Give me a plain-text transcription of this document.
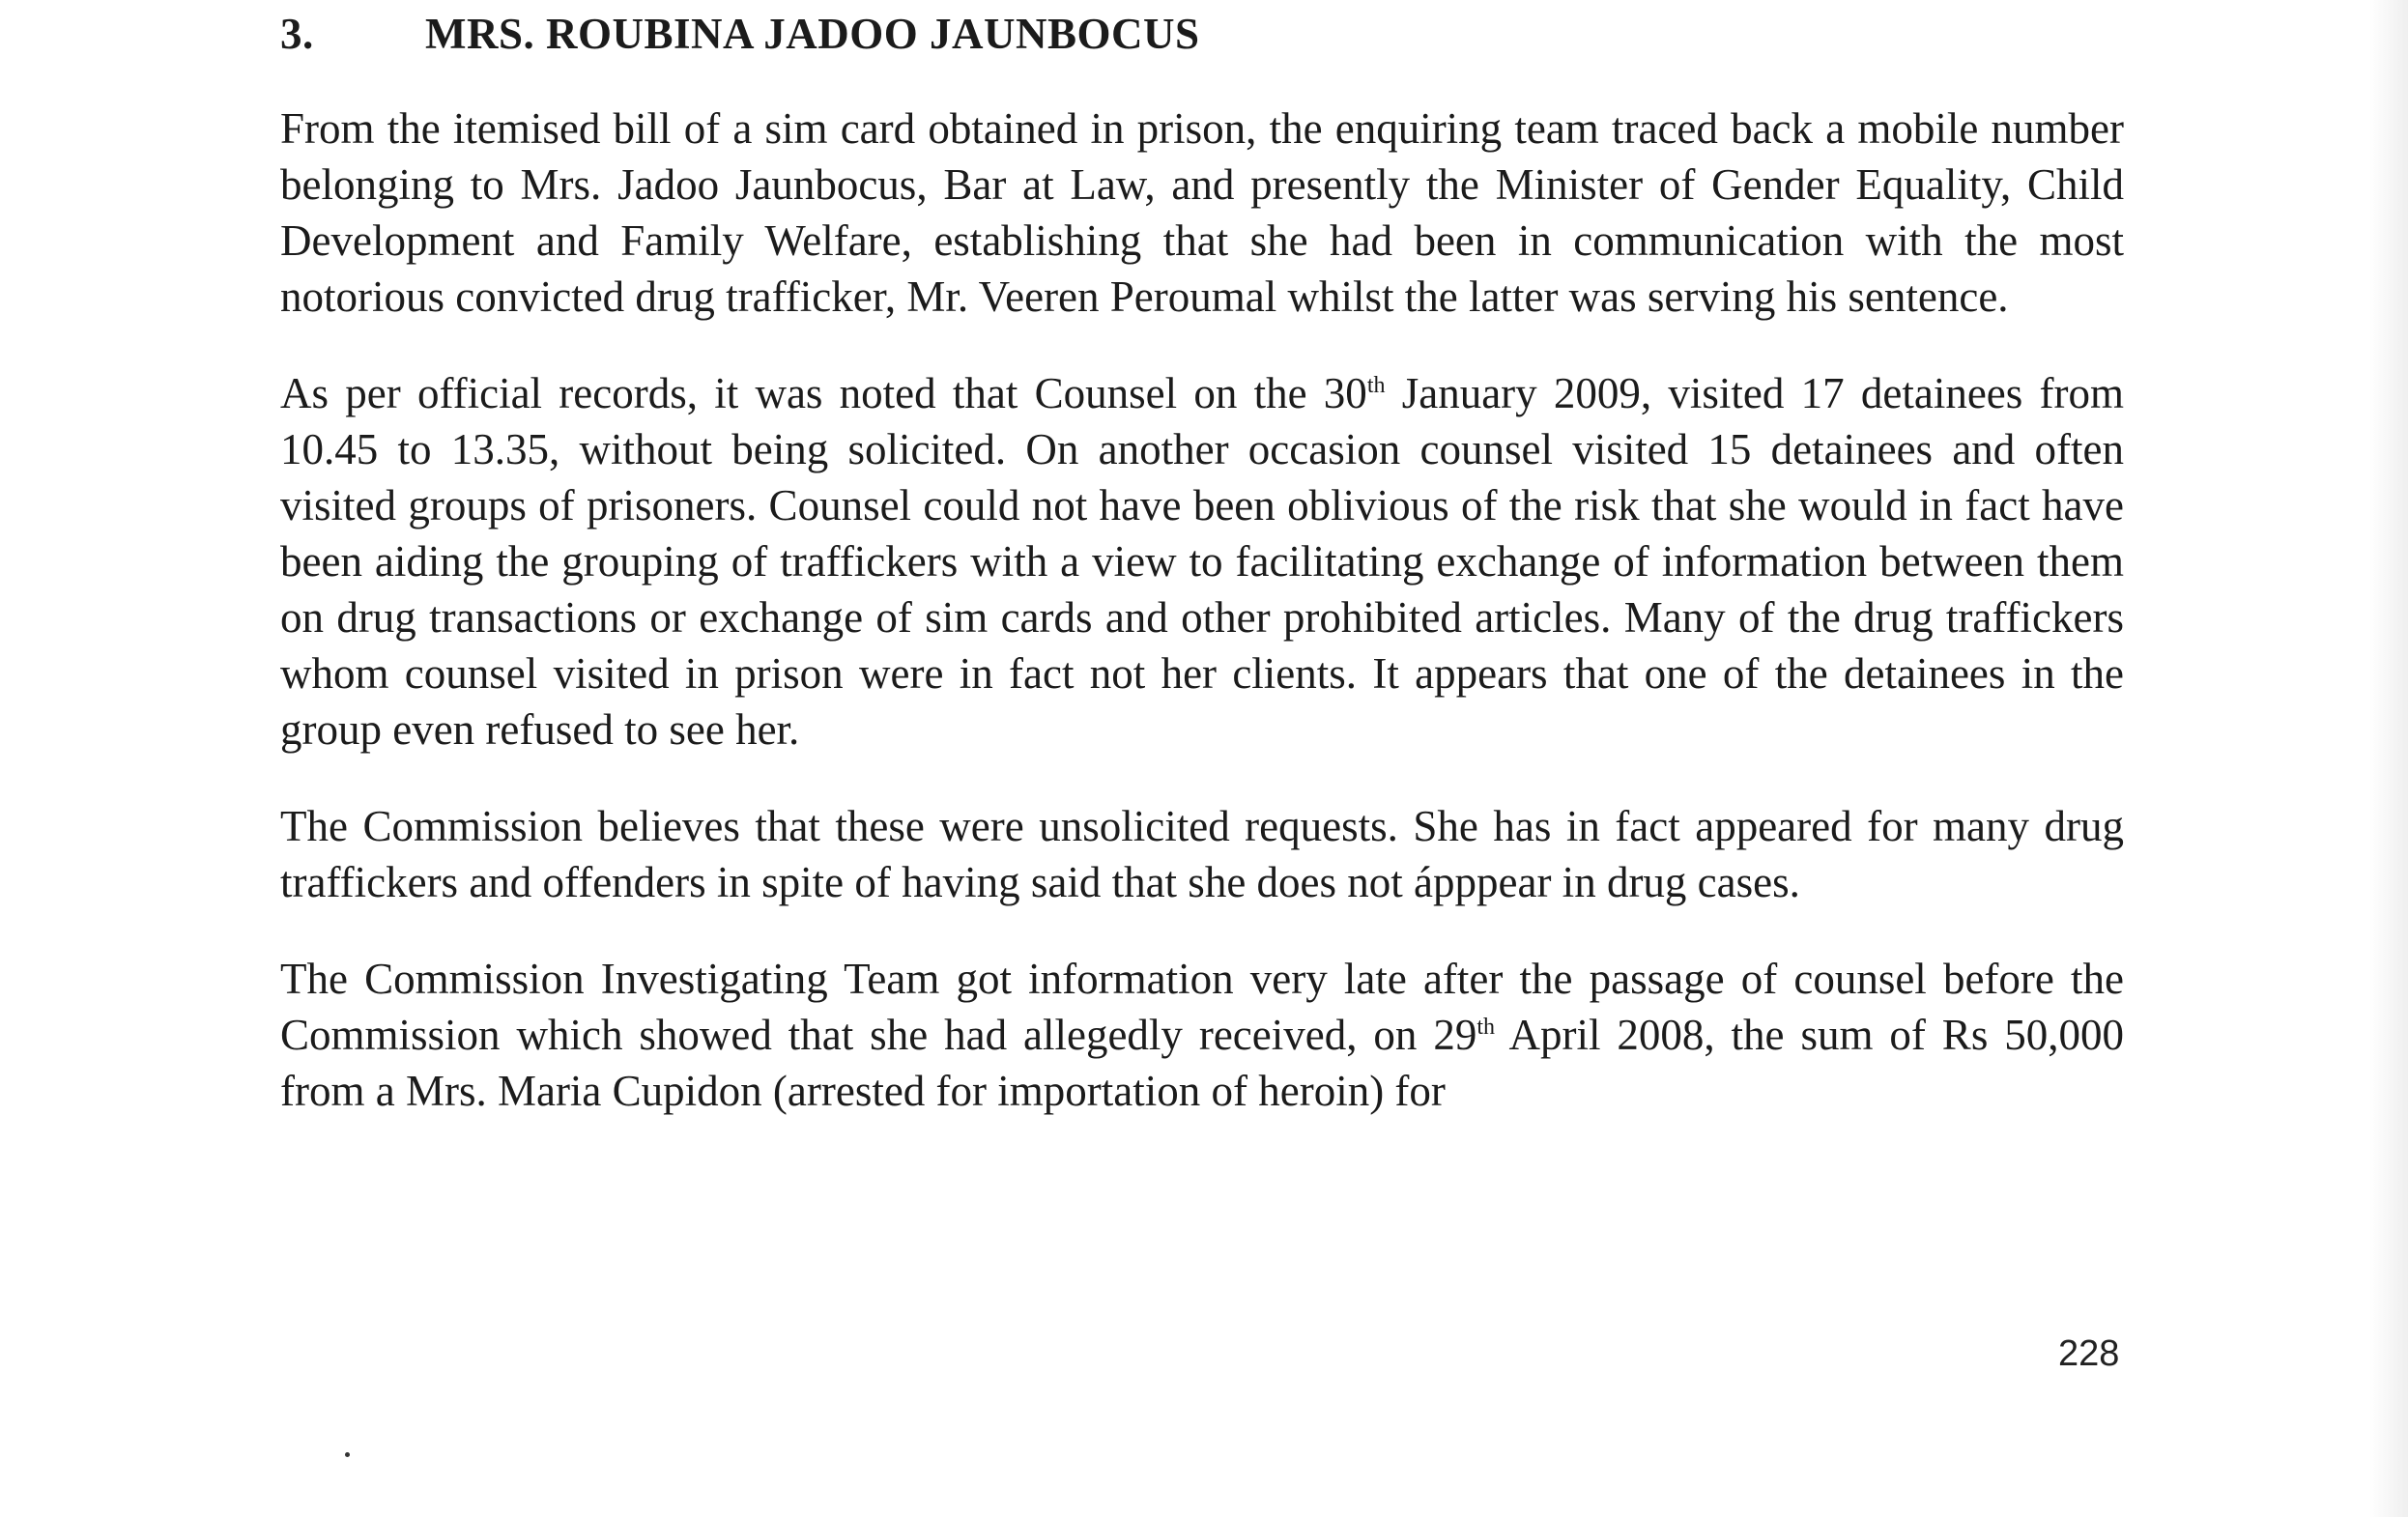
3.	MRS. ROUBINA JADOO JAUNBOCUS

From the itemised bill of a sim card obtained in prison, the enquiring team traced back a mobile number belonging to Mrs. Jadoo Jaunbocus, Bar at Law, and presently the Minister of Gender Equality, Child Development and Family Welfare, establishing that she had been in communication with the most notorious convicted drug trafficker, Mr. Veeren Peroumal whilst the latter was serving his sentence.

As per official records, it was noted that Counsel on the 30th January 2009, visited 17 detainees from 10.45 to 13.35, without being solicited. On another occasion counsel visited 15 detainees and often visited groups of prisoners. Counsel could not have been oblivious of the risk that she would in fact have been aiding the grouping of traffickers with a view to facilitating exchange of information between them on drug transactions or exchange of sim cards and other prohibited articles. Many of the drug traffickers whom counsel visited in prison were in fact not her clients. It appears that one of the detainees in the group even refused to see her.

The Commission believes that these were unsolicited requests. She has in fact appeared for many drug traffickers and offenders in spite of having said that she does not ápppear in drug cases.

The Commission Investigating Team got information very late after the passage of counsel before the Commission which showed that she had allegedly received, on 29th April 2008, the sum of Rs 50,000 from a Mrs. Maria Cupidon (arrested for importation of heroin) for

228
